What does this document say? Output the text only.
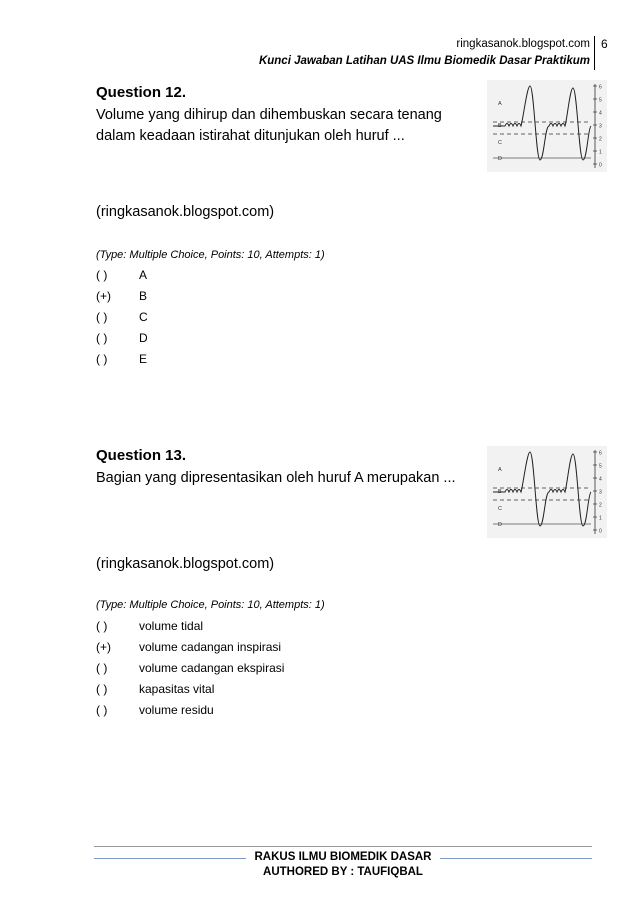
ringkasanok.blogspot.com
Kunci Jawaban Latihan UAS Ilmu Biomedik Dasar Praktikum
6
Question 12.
Volume yang dihirup dan dihembuskan secara tenang dalam keadaan istirahat ditunjukan oleh huruf ...
6
5
4
3
2
1
0
A
B
C
D
(ringkasanok.blogspot.com)
(Type: Multiple Choice, Points: 10, Attempts: 1)
( )	A
(+) B
( )	C
( )	D
( )	E
Question 13.
Bagian yang dipresentasikan oleh huruf A merupakan ...
6
5
4
3
2
1
0
A
B
C
D
(ringkasanok.blogspot.com)
(Type: Multiple Choice, Points: 10, Attempts: 1)
( )	volume tidal
(+) volume cadangan inspirasi
( )	volume cadangan ekspirasi
( )	kapasitas vital
( )	volume residu
RAKUS ILMU BIOMEDIK DASAR
AUTHORED BY : TAUFIQBAL
